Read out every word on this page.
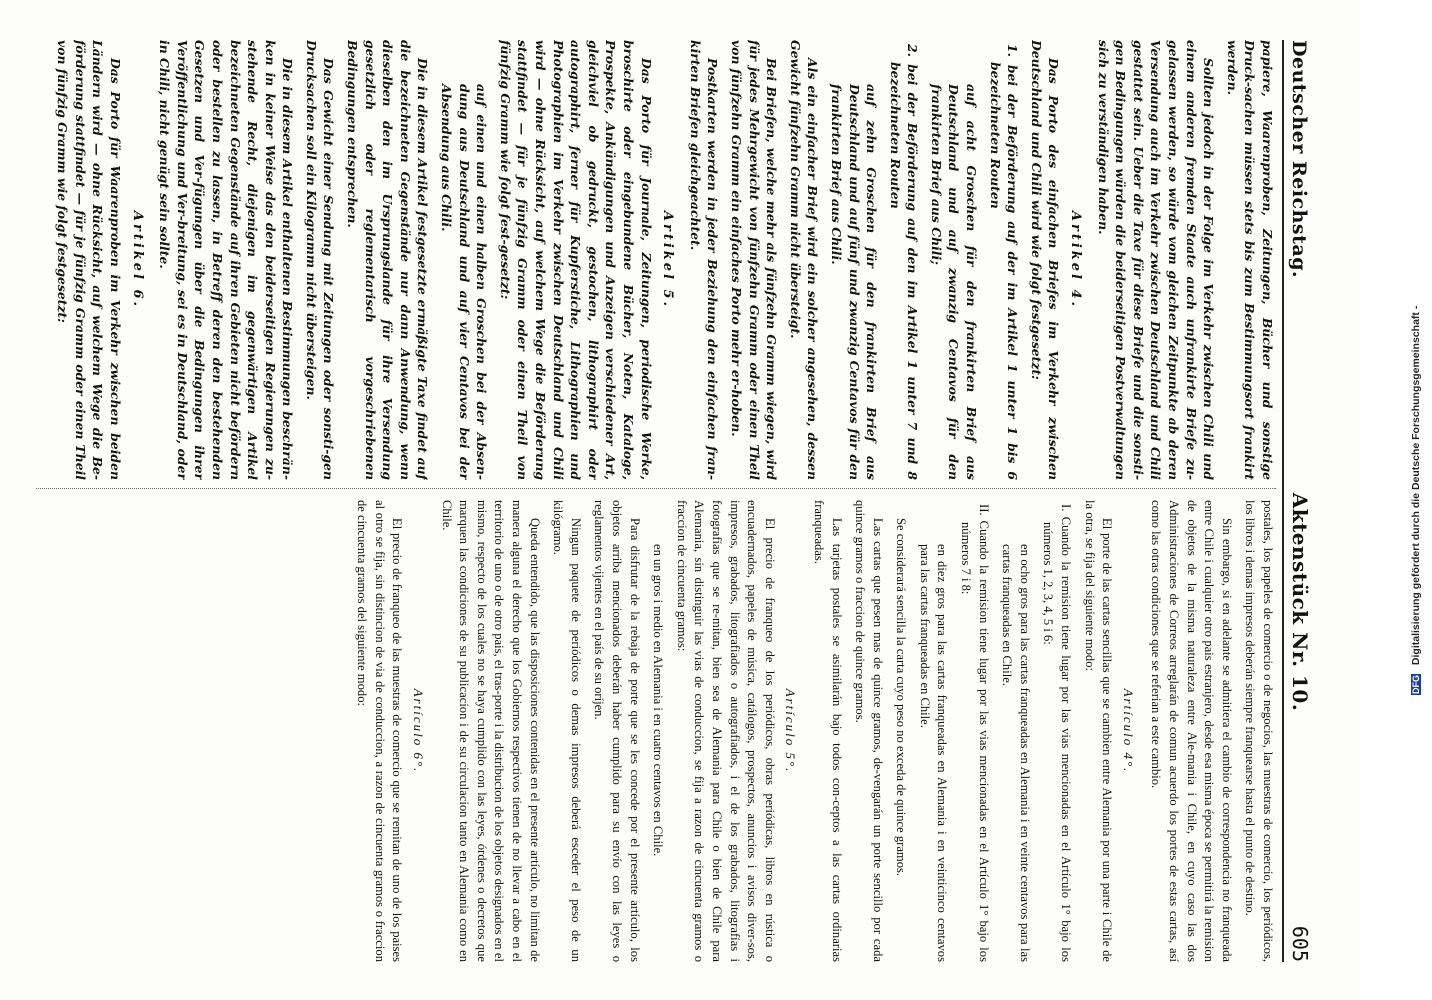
Deutscher Reichstag.
Aktenstück Nr. 10.
605

papiere, Waarenproben, Zeitungen, Bücher und sonstige Druck-sachen müssen stets bis zum Bestimmungsort frankirt werden.

Sollten jedoch in der Folge im Verkehr zwischen Chili und einem anderen fremden Staate auch unfrankirte Briefe zu-gelassen werden, so würde vom gleichen Zeitpunkte ab deren Versendung auch im Verkehr zwischen Deutschland und Chili gestattet sein. Ueber die Taxe für diese Briefe und die sonsti-gen Bedingungen würden die beiderseitigen Postverwaltungen sich zu verständigen haben.

Artikel 4.

Das Porto des einfachen Briefes im Verkehr zwischen Deutschland und Chili wird wie folgt festgesetzt:

1. bei der Beförderung auf der im Artikel 1 unter 1 bis 6 bezeichneten Routen

auf acht Groschen für den frankirten Brief aus Deutschland und auf zwanzig Centavos für den frankirten Brief aus Chili;

2. bei der Beförderung auf den im Artikel 1 unter 7 und 8 bezeichneten Routen

auf zehn Groschen für den frankirten Brief aus Deutschland und auf fünf und zwanzig Centavos für den frankirten Brief aus Chili.

Als ein einfacher Brief wird ein solcher angesehen, dessen Gewicht fünfzehn Gramm nicht übersteigt.

Bei Briefen, welche mehr als fünfzehn Gramm wiegen, wird für jedes Mehrgewicht von fünfzehn Gramm oder einen Theil von fünfzehn Gramm ein einfaches Porto mehr er-hoben.

Postkarten werden in jeder Beziehung den einfachen fran-kirten Briefen gleichgeachtet.

Artikel 5.

Das Porto für Journale, Zeitungen, periodische Werke, broschirte oder eingebundene Bücher, Noten, Kataloge, Prospekte, Ankündigungen und Anzeigen verschiedener Art, gleichviel ob gedruckt, gestochen, lithographirt oder autographirt, ferner für Kupferstiche, Lithographien und Photographien im Verkehr zwischen Deutschland und Chili wird — ohne Rücksicht, auf welchem Wege die Beförderung stattfindet — für je fünfzig Gramm oder einen Theil von fünfzig Gramm wie folgt fest-gesetzt:

auf einen und einen halben Groschen bei der Absen-dung aus Deutschland und auf vier Centavos bei der Absendung aus Chili.

Die in diesem Artikel festgesetzte ermäßigte Taxe findet auf die bezeichneten Gegenstände nur dann Anwendung, wenn dieselben den im Ursprungslande für ihre Versendung gesetzlich oder reglementarisch vorgeschriebenen Bedingungen entsprechen.

Das Gewicht einer Sendung mit Zeitungen oder sonsti-gen Drucksachen soll ein Kilogramm nicht übersteigen.

Die in diesem Artikel enthaltenen Bestimmungen beschrän-ken in keiner Weise das den beiderseitigen Regierungen zu-stehende Recht, diejenigen im gegenwärtigen Artikel bezeichneten Gegenstände auf ihren Gebieten nicht befördern oder bestellen zu lassen, in Betreff deren den bestehenden Gesetzen und Ver-fügungen über die Bedingungen ihrer Veröffentlichung und Ver-breitung, sei es in Deutschland, oder in Chili, nicht genügt sein sollte.

Artikel 6.

Das Porto für Waarenproben im Verkehr zwischen beiden Ländern wird — ohne Rücksicht, auf welchem Wege die Be-förderung stattfindet — für je fünfzig Gramm oder einen Theil von fünfzig Gramm wie folgt festgesetzt:

postales, los papeles de comercio o de negocios, las muestras de comercio, los periódicos, los libros i demas impresos deberán siempre franquearse hasta el punto de destino.

Sin embargo, si en adelante se admitiera el cambio de correspondencia no franqueada entre Chile i cualquier otro pais estranjero, desde esa misma época se permitirá la remision de objetos de la misma naturaleza entre Ale-mania i Chile, en cuyo caso las dos Administraciones de Correos arreglarán de comun acuerdo los portes de estas cartas, así como las otras condiciones que se referian a este cambio.

Artículo 4°.

El porte de las cartas sencillas que se cambien entre Alemania por una parte i Chile de la otra, se fija del siguiente modo:

I. Cuando la remision tiene lugar por las vias mencionadas en el Artículo 1° bajo los números 1, 2, 3, 4, 5 i 6:

en ocho gros para las cartas franqueadas en Alemania i en veinte centavos para las cartas franqueadas en Chile.

II. Cuando la remision tiene lugar por las vias mencionadas en el Artículo 1° bajo los números 7 i 8:

en diez gros para las cartas franqueadas en Alemania i en veinticinco centavos para las cartas franqueadas en Chile.

Se considerará sencilla la carta cuyo peso no exceda de quince gramos.

Las cartas que pesen mas de quince gramos, de-vengarán un porte sencillo por cada quince gramos o fraccion de quince gramos.

Las tarjetas postales se asimilarán bajo todos con-ceptos a las cartas ordinarias franqueadas.

Artículo 5°.

El precio de franqueo de los periódicos, obras periódicas, libros en rústica o encuadernados, papeles de música, catálogos, prospectos, anuncios i avisos diver-sos, impresos, grabados, litografiados o autografiados, i el de los grabados, litografías i fotografías que se re-mitan, bien sea de Alemania para Chile o bien de Chile para Alemania, sin distinguir las vias de conduccion, se fija a razon de cincuenta gramos o fraccion de cincuenta gramos:

en un gros i medio en Alemania i en cuatro centavos en Chile.

Para disfrutar de la rebaja de porte que se les concede por el presente artículo, los objetos arriba mencionados deberán haber cumplido para su envío con las leyes o reglamentos vijentes en el país de su oríjen.

Ningun paquete de periódicos o demas impresos deberá esceder el peso de un kilógramo.

Queda entendido, que las disposiciones contenidas en el presente artículo, no limitan de manera alguna el derecho que los Gobiernos respectivos tienen de no llevar a cabo en el territorio de uno o de otro pais, el tras-porte i la distribucion de los objetos designados en el mismo, respecto de los cuales no se haya cumplido con las leyes, órdenes o decretos que marquen las condiciones de su publicacion i de su circulacion tanto en Alemania como en Chile.

Artículo 6°.

El precio de franqueo de las muestras de comercio que se remitan de uno de los paises al otro se fija, sin distincion de via de conduccion, a razon de cincuenta gramos o fraccion de cincuenta gramos del siguiente modo:	DFG Digitalisierung gefördert durch die Deutsche Forschungsgemeinschaft -
